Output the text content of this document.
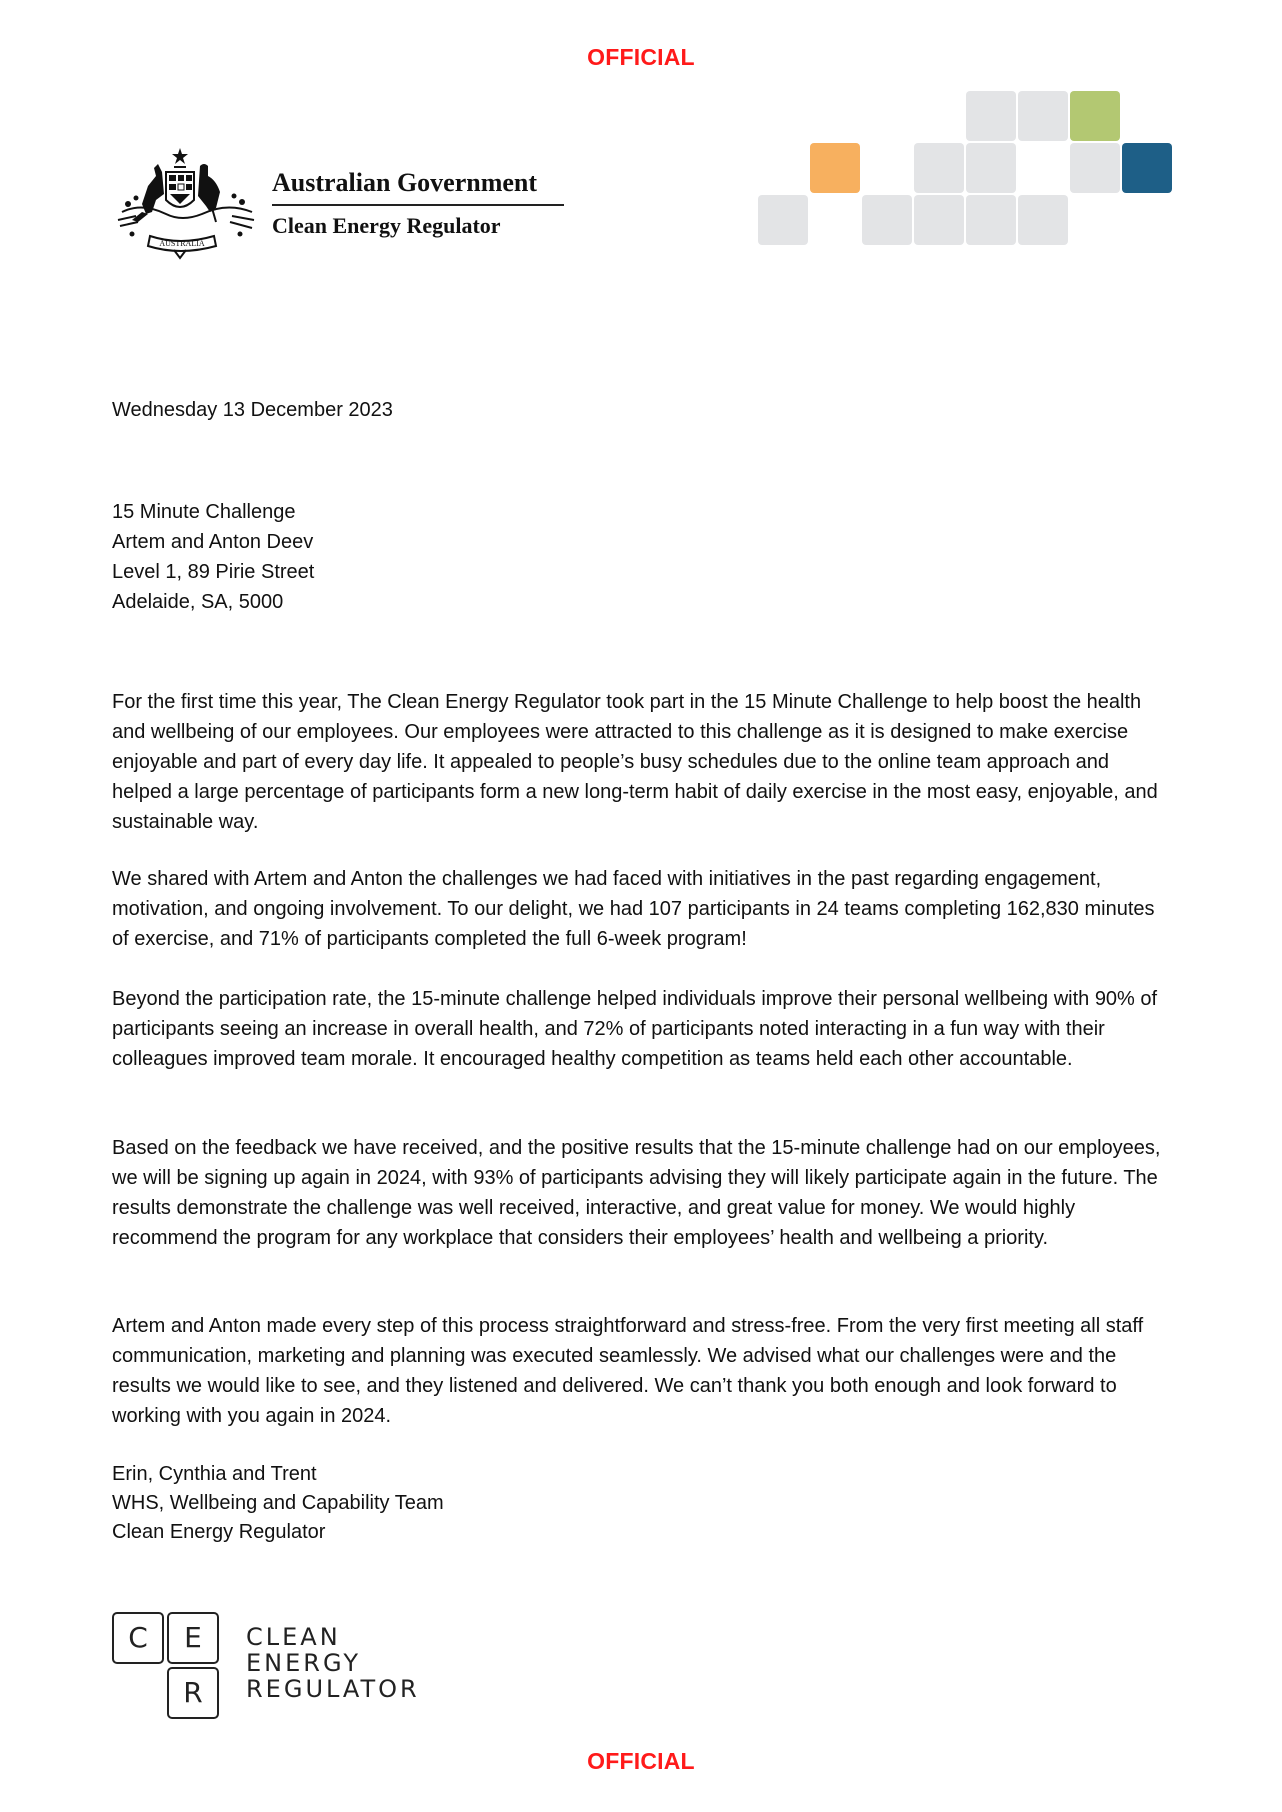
OFFICIAL
AUSTRALIA
Australian Government
Clean Energy Regulator
Wednesday 13 December 2023
15 Minute Challenge
Artem and Anton Deev
Level 1, 89 Pirie Street
Adelaide, SA, 5000
For the first time this year, The Clean Energy Regulator took part in the 15 Minute Challenge to help boost the health and wellbeing of our employees. Our employees were attracted to this challenge as it is designed to make exercise enjoyable and part of every day life. It appealed to people’s busy schedules due to the online team approach and helped a large percentage of participants form a new long-term habit of daily exercise in the most easy, enjoyable, and sustainable way.
We shared with Artem and Anton the challenges we had faced with initiatives in the past regarding engagement, motivation, and ongoing involvement. To our delight, we had 107 participants in 24 teams completing 162,830 minutes of exercise, and 71% of participants completed the full 6-week program!
Beyond the participation rate, the 15-minute challenge helped individuals improve their personal wellbeing with 90% of participants seeing an increase in overall health, and 72% of participants noted interacting in a fun way with their colleagues improved team morale. It encouraged healthy competition as teams held each other accountable.
Based on the feedback we have received, and the positive results that the 15-minute challenge had on our employees, we will be signing up again in 2024, with 93% of participants advising they will likely participate again in the future. The results demonstrate the challenge was well received, interactive, and great value for money. We would highly recommend the program for any workplace that considers their employees’ health and wellbeing a priority.
Artem and Anton made every step of this process straightforward and stress-free. From the very first meeting all staff communication, marketing and planning was executed seamlessly. We advised what our challenges were and the results we would like to see, and they listened and delivered. We can’t thank you both enough and look forward to working with you again in 2024.
Erin, Cynthia and Trent
WHS, Wellbeing and Capability Team
Clean Energy Regulator
C	E
R
CLEAN
ENERGY
REGULATOR
OFFICIAL
